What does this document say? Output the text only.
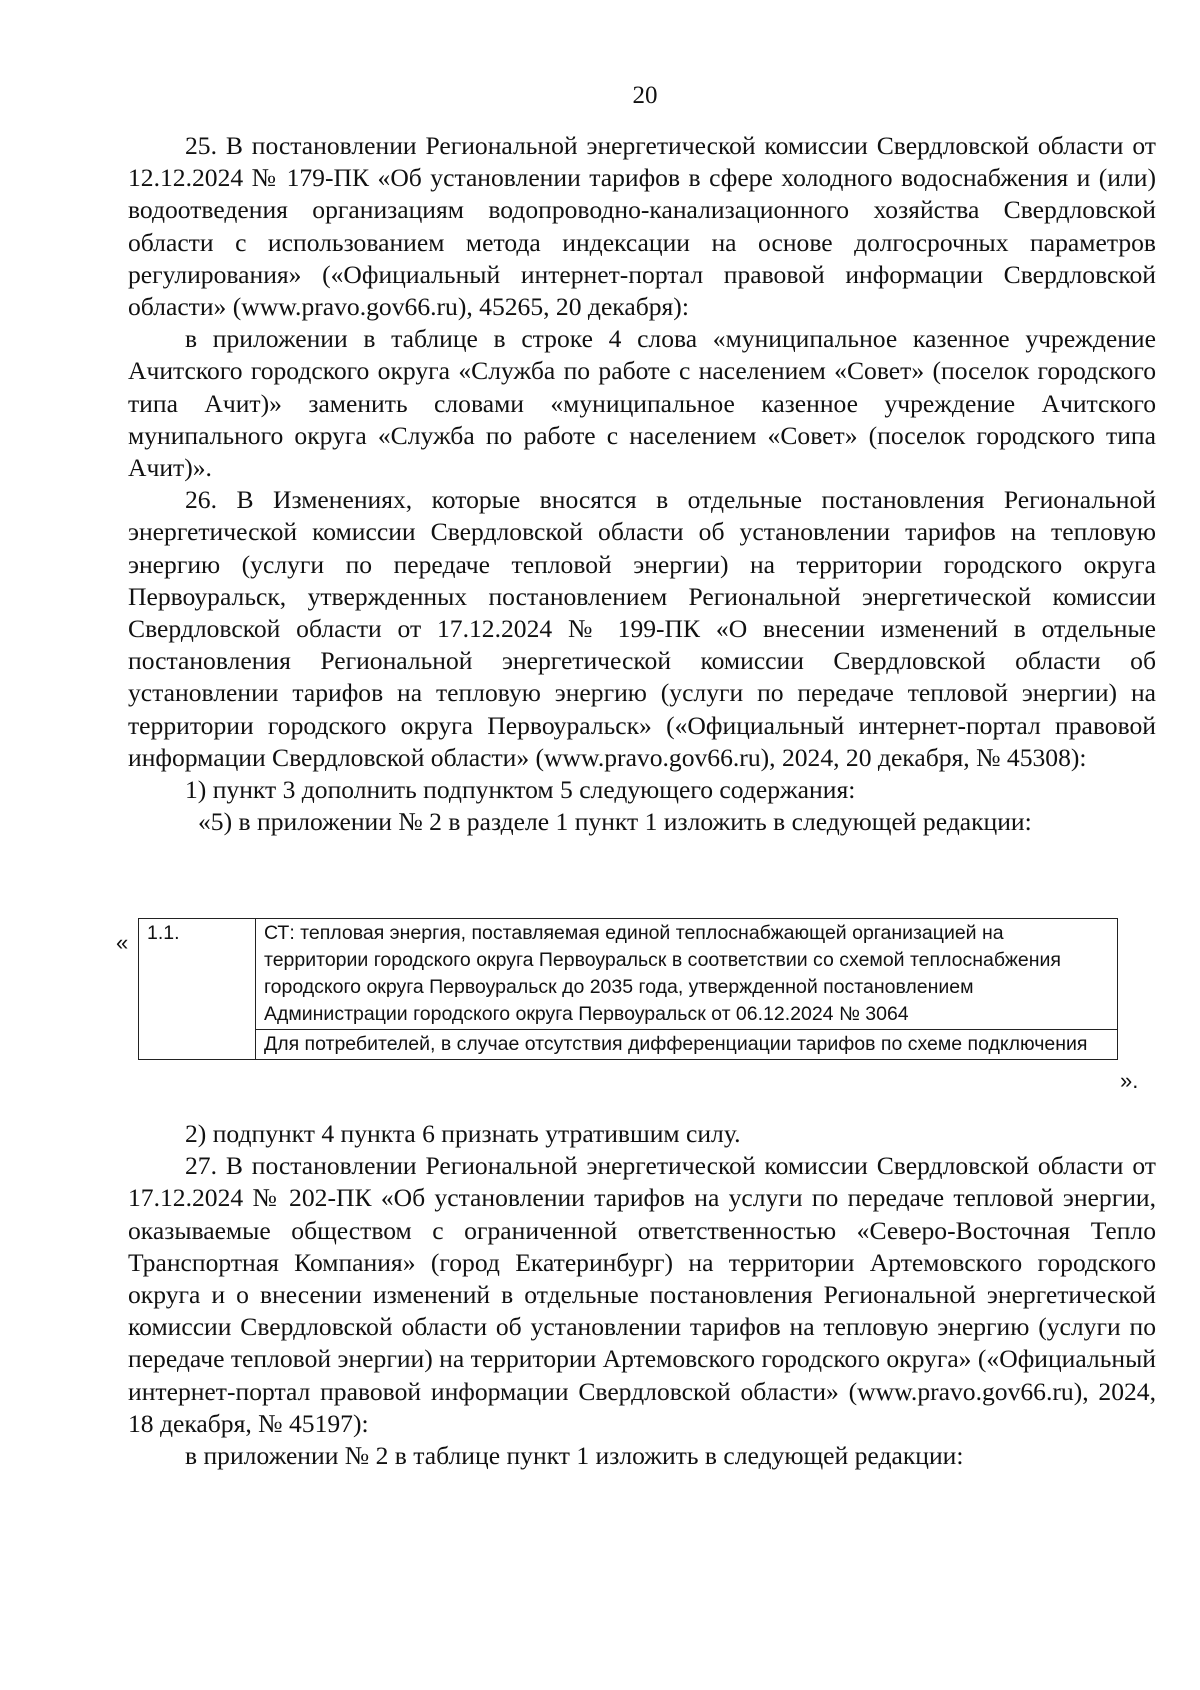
20

25. В постановлении Региональной энергетической комиссии Свердловской области от 12.12.2024 № 179-ПК «Об установлении тарифов в сфере холодного водоснабжения и (или) водоотведения организациям водопроводно-канализационного хозяйства Свердловской области с использованием метода индексации на основе долгосрочных параметров регулирования» («Официальный интернет-портал правовой информации Свердловской области» (www.pravo.gov66.ru), 45265, 20 декабря):

в приложении в таблице в строке 4 слова «муниципальное казенное учреждение Ачитского городского округа «Служба по работе с населением «Совет» (поселок городского типа Ачит)» заменить словами «муниципальное казенное учреждение Ачитского мунипального округа «Служба по работе с населением «Совет» (поселок городского типа Ачит)».

26. В Изменениях, которые вносятся в отдельные постановления Региональной энергетической комиссии Свердловской области об установлении тарифов на тепловую энергию (услуги по передаче тепловой энергии) на территории городского округа Первоуральск, утвержденных постановлением Региональной энергетической комиссии Свердловской области от 17.12.2024 № 199-ПК «О внесении изменений в отдельные постановления Региональной энергетической комиссии Свердловской области об установлении тарифов на тепловую энергию (услуги по передаче тепловой энергии) на территории городского округа Первоуральск» («Официальный интернет-портал правовой информации Свердловской области» (www.pravo.gov66.ru), 2024, 20 декабря, № 45308):

1) пункт 3 дополнить подпунктом 5 следующего содержания:

«5) в приложении № 2 в разделе 1 пункт 1 изложить в следующей редакции:

« 1.1.	СТ: тепловая энергия, поставляемая единой теплоснабжающей организацией на территории городского округа Первоуральск в соответствии со схемой теплоснабжения городского округа Первоуральск до 2035 года, утвержденной постановлением Администрации городского округа Первоуральск от 06.12.2024 № 3064
Для потребителей, в случае отсутствия дифференциации тарифов по схеме подключения
».

2) подпункт 4 пункта 6 признать утратившим силу.

27. В постановлении Региональной энергетической комиссии Свердловской области от 17.12.2024 № 202-ПК «Об установлении тарифов на услуги по передаче тепловой энергии, оказываемые обществом с ограниченной ответственностью «Северо-Восточная Тепло Транспортная Компания» (город Екатеринбург) на территории Артемовского городского округа и о внесении изменений в отдельные постановления Региональной энергетической комиссии Свердловской области об установлении тарифов на тепловую энергию (услуги по передаче тепловой энергии) на территории Артемовского городского округа» («Официальный интернет-портал правовой информации Свердловской области» (www.pravo.gov66.ru), 2024, 18 декабря, № 45197):

в приложении № 2 в таблице пункт 1 изложить в следующей редакции:
